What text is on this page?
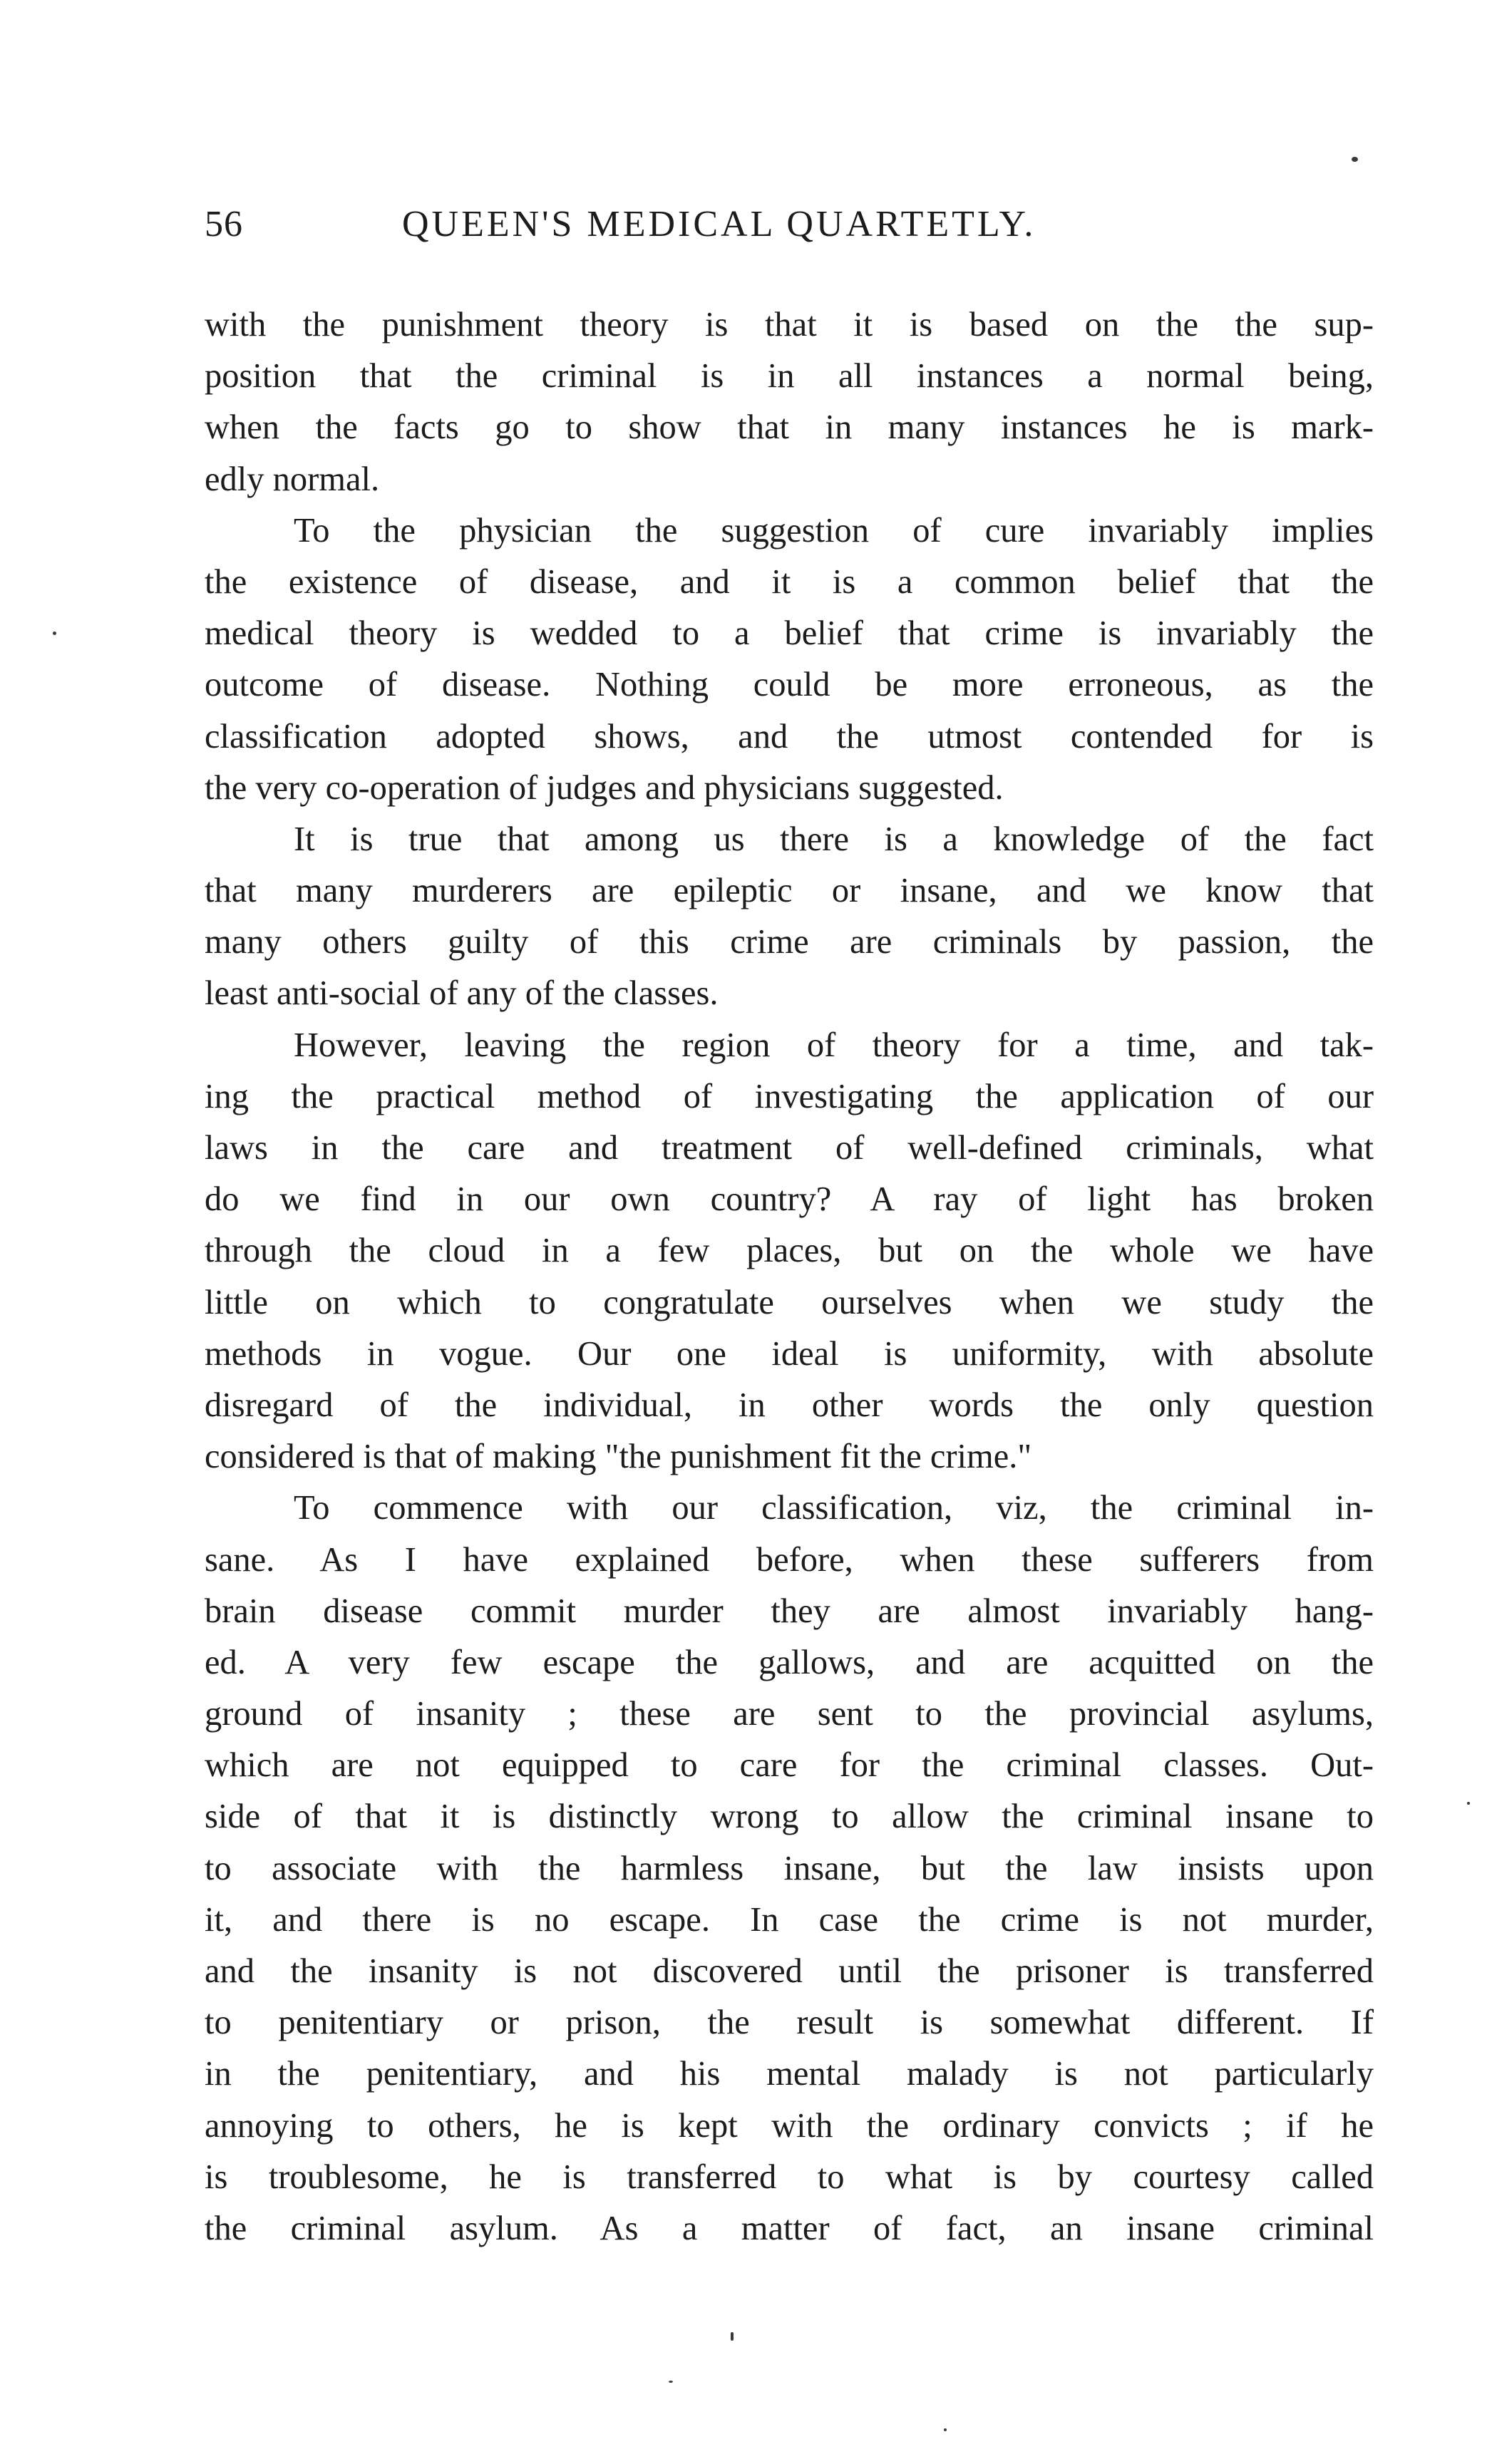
56	QUEEN'S MEDICAL QUARTETLY.
with the punishment theory is that it is based on the the sup-
position that the criminal is in all instances a normal being,
when the facts go to show that in many instances he is mark-
edly normal.
To the physician the suggestion of cure invariably implies
the existence of disease, and it is a common belief that the
medical theory is wedded to a belief that crime is invariably the
outcome of disease. Nothing could be more erroneous, as the
classification adopted shows, and the utmost contended for is
the very co-operation of judges and physicians suggested.
It is true that among us there is a knowledge of the fact
that many murderers are epileptic or insane, and we know that
many others guilty of this crime are criminals by passion, the
least anti-social of any of the classes.
However, leaving the region of theory for a time, and tak-
ing the practical method of investigating the application of our
laws in the care and treatment of well-defined criminals, what
do we find in our own country? A ray of light has broken
through the cloud in a few places, but on the whole we have
little on which to congratulate ourselves when we study the
methods in vogue. Our one ideal is uniformity, with absolute
disregard of the individual, in other words the only question
considered is that of making "the punishment fit the crime."
To commence with our classification, viz, the criminal in-
sane. As I have explained before, when these sufferers from
brain disease commit murder they are almost invariably hang-
ed. A very few escape the gallows, and are acquitted on the
ground of insanity ; these are sent to the provincial asylums,
which are not equipped to care for the criminal classes. Out-
side of that it is distinctly wrong to allow the criminal insane to
to associate with the harmless insane, but the law insists upon
it, and there is no escape. In case the crime is not murder,
and the insanity is not discovered until the prisoner is transferred
to penitentiary or prison, the result is somewhat different. If
in the penitentiary, and his mental malady is not particularly
annoying to others, he is kept with the ordinary convicts ; if he
is troublesome, he is transferred to what is by courtesy called
the criminal asylum. As a matter of fact, an insane criminal
